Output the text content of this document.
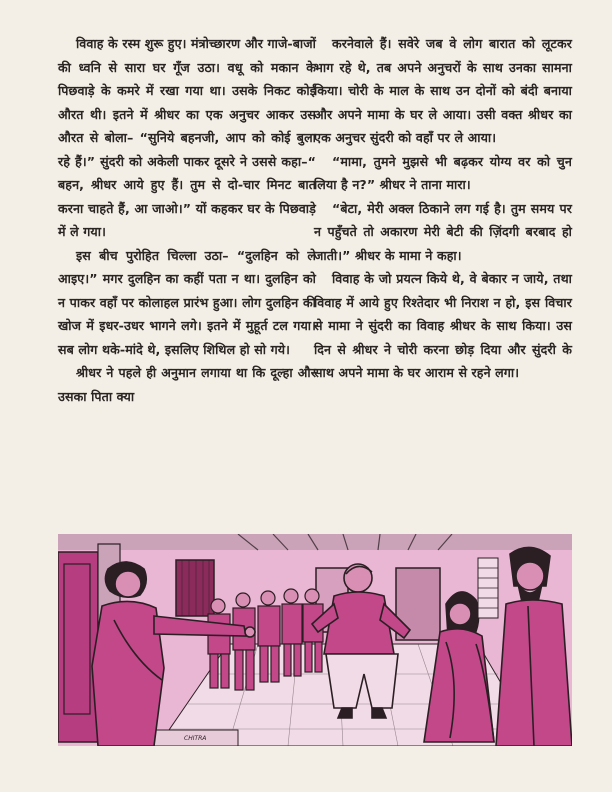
विवाह के रस्म शुरू हुए। मंत्रोच्छारण और गाजे-बाजों की ध्वनि से सारा घर गूँज उठा। वधू को मकान के पिछवाड़े के कमरे में रखा गया था। उसके निकट कोई औरत थी। इतने में श्रीधर का एक अनुचर आकर उस औरत से बोला– “सुनिये बहनजी, आप को कोई बुला रहे हैं।” सुंदरी को अकेली पाकर दूसरे ने उससे कहा–“ बहन, श्रीधर आये हुए हैं। तुम से दो-चार मिनट बात करना चाहते हैं, आ जाओ।” यों कहकर घर के पिछवाड़े में ले गया।

इस बीच पुरोहित चिल्ला उठा– “दुलहिन को ले आइए।” मगर दुलहिन का कहीं पता न था। दुलहिन को न पाकर वहाँ पर कोलाहल प्रारंभ हुआ। लोग दुलहिन की खोज में इधर-उधर भागने लगे। इतने में मुहूर्त टल गया। सब लोग थके-मांदे थे, इसलिए शिथिल हो सो गये।

श्रीधर ने पहले ही अनुमान लगाया था कि दूल्हा और उसका पिता क्या

करनेवाले हैं। सवेरे जब वे लोग बारात को लूटकर भाग रहे थे, तब अपने अनुचरों के साथ उनका सामना किया। चोरी के माल के साथ उन दोनों को बंदी बनाया और अपने मामा के घर ले आया। उसी वक्त श्रीधर का एक अनुचर सुंदरी को वहाँ पर ले आया।

“मामा, तुमने मुझसे भी बढ़कर योग्य वर को चुन लिया है न?” श्रीधर ने ताना मारा।

“बेटा, मेरी अक्ल ठिकाने लग गई है। तुम समय पर न पहुँचते तो अकारण मेरी बेटी की ज़िंदगी बरबाद हो जाती।” श्रीधर के मामा ने कहा।

विवाह के जो प्रयत्न किये थे, वे बेकार न जाये, तथा विवाह में आये हुए रिश्तेदार भी निराश न हो, इस विचार से मामा ने सुंदरी का विवाह श्रीधर के साथ किया। उस दिन से श्रीधर ने चोरी करना छोड़ दिया और सुंदरी के साथ अपने मामा के घर आराम से रहने लगा।

CHITRA
